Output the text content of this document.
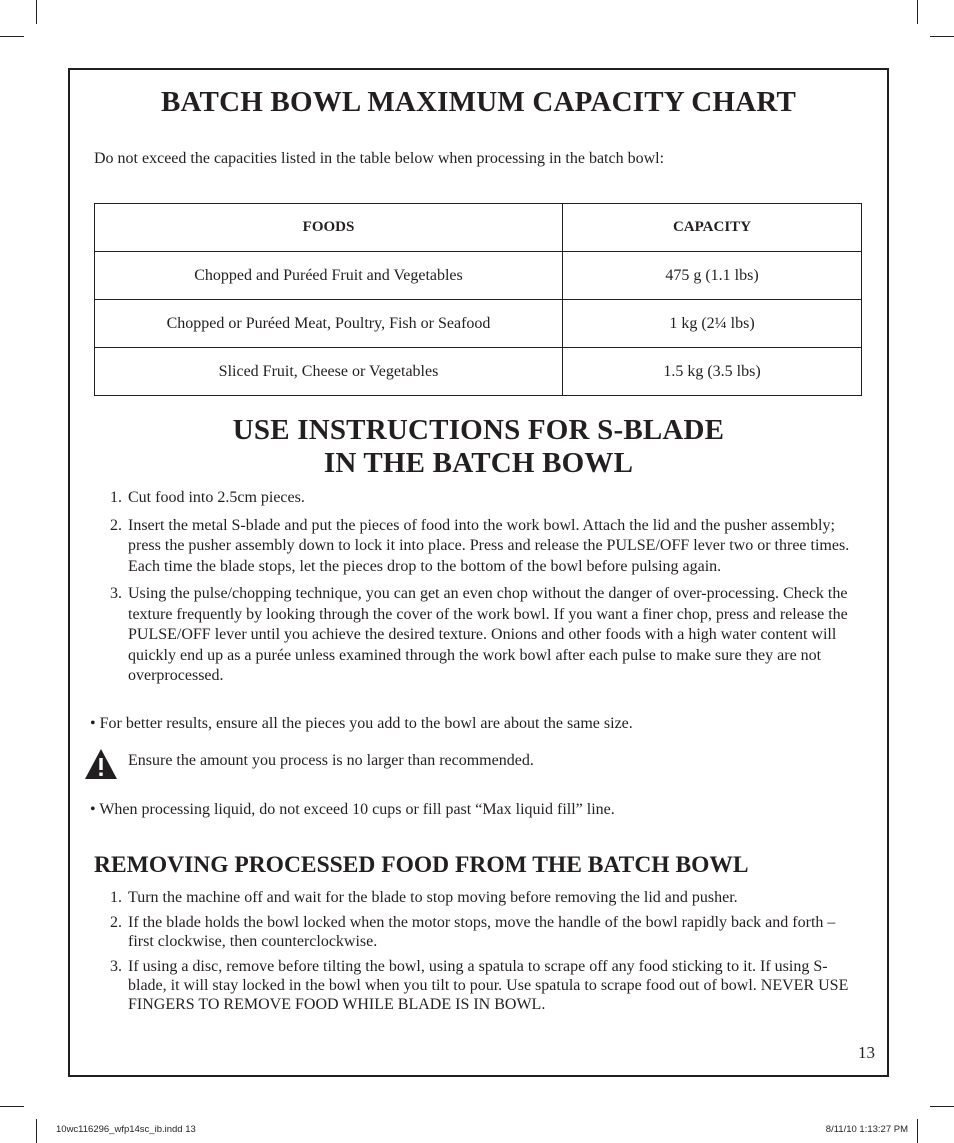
BATCH BOWL MAXIMUM CAPACITY CHART
Do not exceed the capacities listed in the table below when processing in the batch bowl:
FOODS	CAPACITY
Chopped and Puréed Fruit and Vegetables	475 g (1.1 lbs)
Chopped or Puréed Meat, Poultry, Fish or Seafood	1 kg (2¼ lbs)
Sliced Fruit, Cheese or Vegetables	1.5 kg (3.5 lbs)
USE INSTRUCTIONS FOR S-BLADE
IN THE BATCH BOWL
1. Cut food into 2.5cm pieces.
2. Insert the metal S-blade and put the pieces of food into the work bowl. Attach the lid and the pusher assembly; press the pusher assembly down to lock it into place. Press and release the PULSE/OFF lever two or three times. Each time the blade stops, let the pieces drop to the bottom of the bowl before pulsing again.
3. Using the pulse/chopping technique, you can get an even chop without the danger of over-processing. Check the texture frequently by looking through the cover of the work bowl. If you want a finer chop, press and release the PULSE/OFF lever until you achieve the desired texture. Onions and other foods with a high water content will quickly end up as a purée unless examined through the work bowl after each pulse to make sure they are not overprocessed.
• For better results, ensure all the pieces you add to the bowl are about the same size.
Ensure the amount you process is no larger than recommended.
• When processing liquid, do not exceed 10 cups or fill past “Max liquid fill” line.
REMOVING PROCESSED FOOD FROM THE BATCH BOWL
1. Turn the machine off and wait for the blade to stop moving before removing the lid and pusher.
2. If the blade holds the bowl locked when the motor stops, move the handle of the bowl rapidly back and forth – first clockwise, then counterclockwise.
3. If using a disc, remove before tilting the bowl, using a spatula to scrape off any food sticking to it. If using S-blade, it will stay locked in the bowl when you tilt to pour. Use spatula to scrape food out of bowl. NEVER USE FINGERS TO REMOVE FOOD WHILE BLADE IS IN BOWL.
13
10wc116296_wfp14sc_ib.indd 13	8/11/10 1:13:27 PM
